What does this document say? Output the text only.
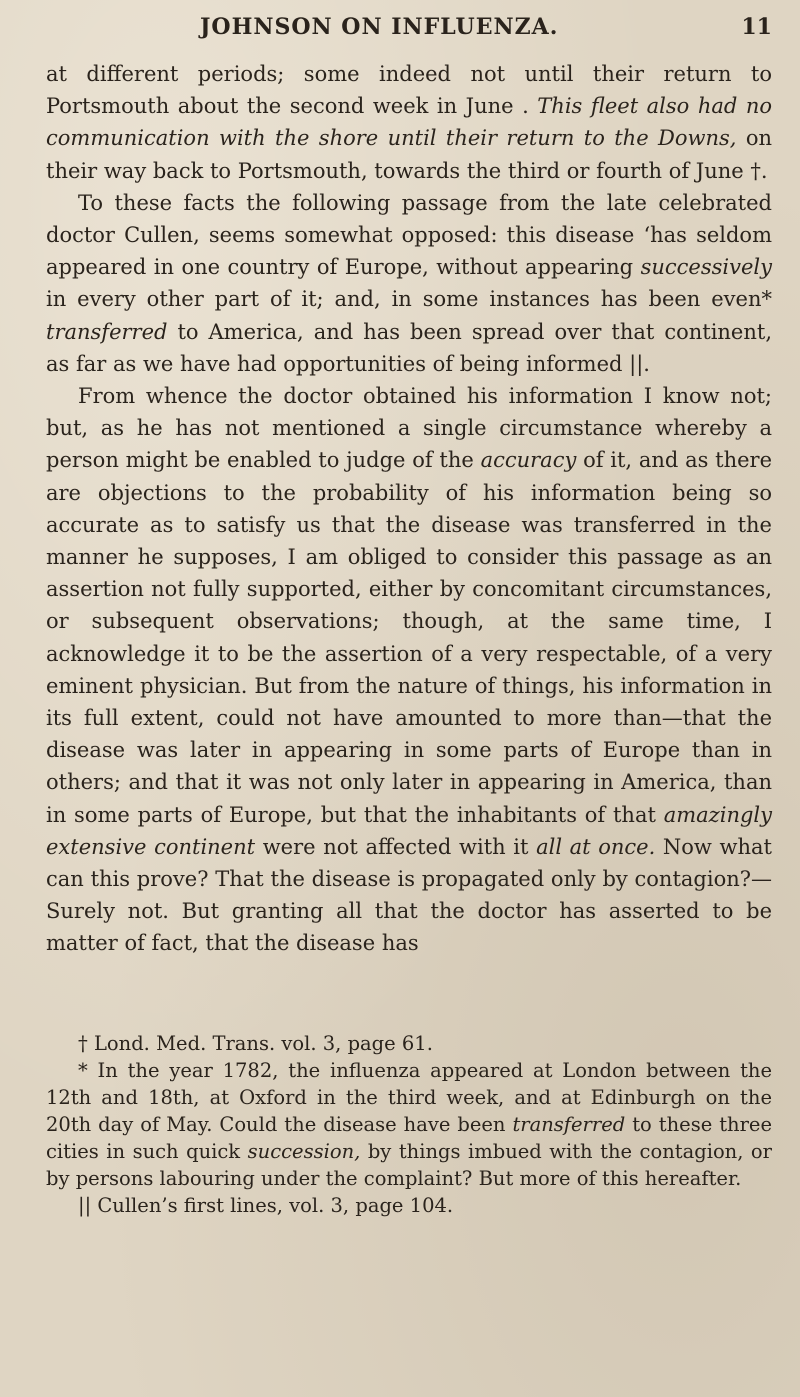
JOHNSON ON INFLUENZA.	11

at different periods; some indeed not until their return to Portsmouth about the second week in June . This fleet also had no communication with the shore until their return to the Downs, on their way back to Portsmouth, towards the third or fourth of June †.

To these facts the following passage from the late celebrated doctor Cullen, seems somewhat opposed: this disease ‘has seldom appeared in one country of Europe, without appearing successively in every other part of it; and, in some instances has been even* transferred to America, and has been spread over that continent, as far as we have had opportunities of being informed ||.

From whence the doctor obtained his information I know not; but, as he has not mentioned a single circumstance whereby a person might be enabled to judge of the accuracy of it, and as there are objections to the probability of his information being so accurate as to satisfy us that the disease was transferred in the manner he supposes, I am obliged to consider this passage as an assertion not fully supported, either by concomitant circumstances, or subsequent observations; though, at the same time, I acknowledge it to be the assertion of a very respectable, of a very eminent physician. But from the nature of things, his information in its full extent, could not have amounted to more than—that the disease was later in appearing in some parts of Europe than in others; and that it was not only later in appearing in America, than in some parts of Europe, but that the inhabitants of that amazingly extensive continent were not affected with it all at once. Now what can this prove? That the disease is propagated only by contagion?—Surely not. But granting all that the doctor has asserted to be matter of fact, that the disease has

† Lond. Med. Trans. vol. 3, page 61.

* In the year 1782, the influenza appeared at London between the 12th and 18th, at Oxford in the third week, and at Edinburgh on the 20th day of May. Could the disease have been transferred to these three cities in such quick succession, by things imbued with the contagion, or by persons labouring under the complaint? But more of this hereafter.

|| Cullen’s first lines, vol. 3, page 104.
